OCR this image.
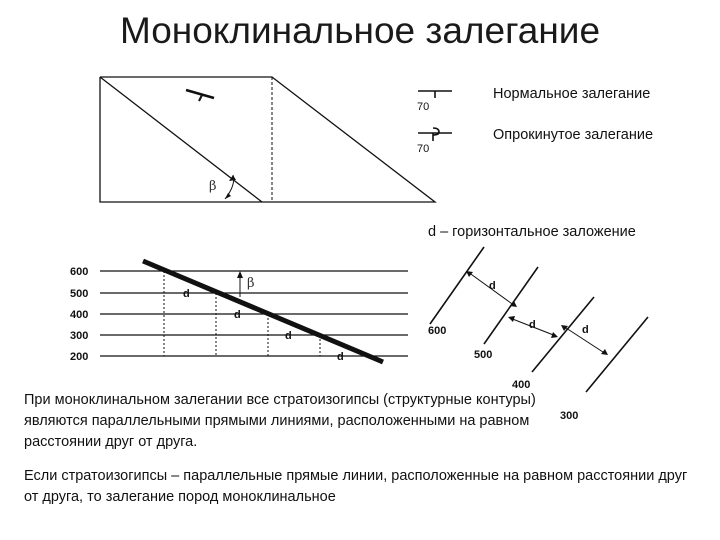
Моноклинальное залегание
β
70
70
600
500
400
300
200
β
d
d
d
d
600
500
400
300
d
d	d
Нормальное залегание
Опрокинутое залегание
d – горизонтальное заложение
При моноклинальном залегании все стратоизогипсы (структурные контуры) являются параллельными прямыми линиями, расположенными на равном расстоянии друг от друга.
Если стратоизогипсы – параллельные прямые линии, расположенные на равном расстоянии друг от друга, то залегание пород моноклинальное
